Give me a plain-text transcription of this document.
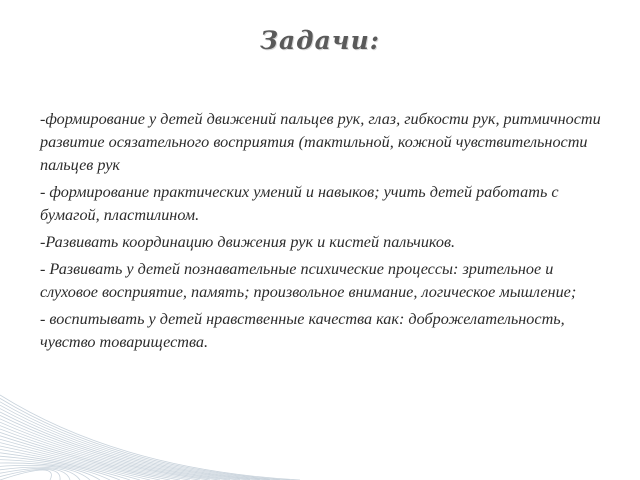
Задачи:
-формирование у детей движений пальцев рук, глаз, гибкости рук, ритмичности развитие осязательного восприятия (тактильной, кожной чувствительности пальцев рук
- формирование практических умений и навыков; учить детей работать с бумагой, пластилином.
-Развивать координацию движения рук и кистей пальчиков.
- Развивать у детей познавательные психические процессы: зрительное и слуховое восприятие, память; произвольное внимание, логическое мышление;
- воспитывать у детей нравственные качества как: доброжелательность, чувство товарищества.
